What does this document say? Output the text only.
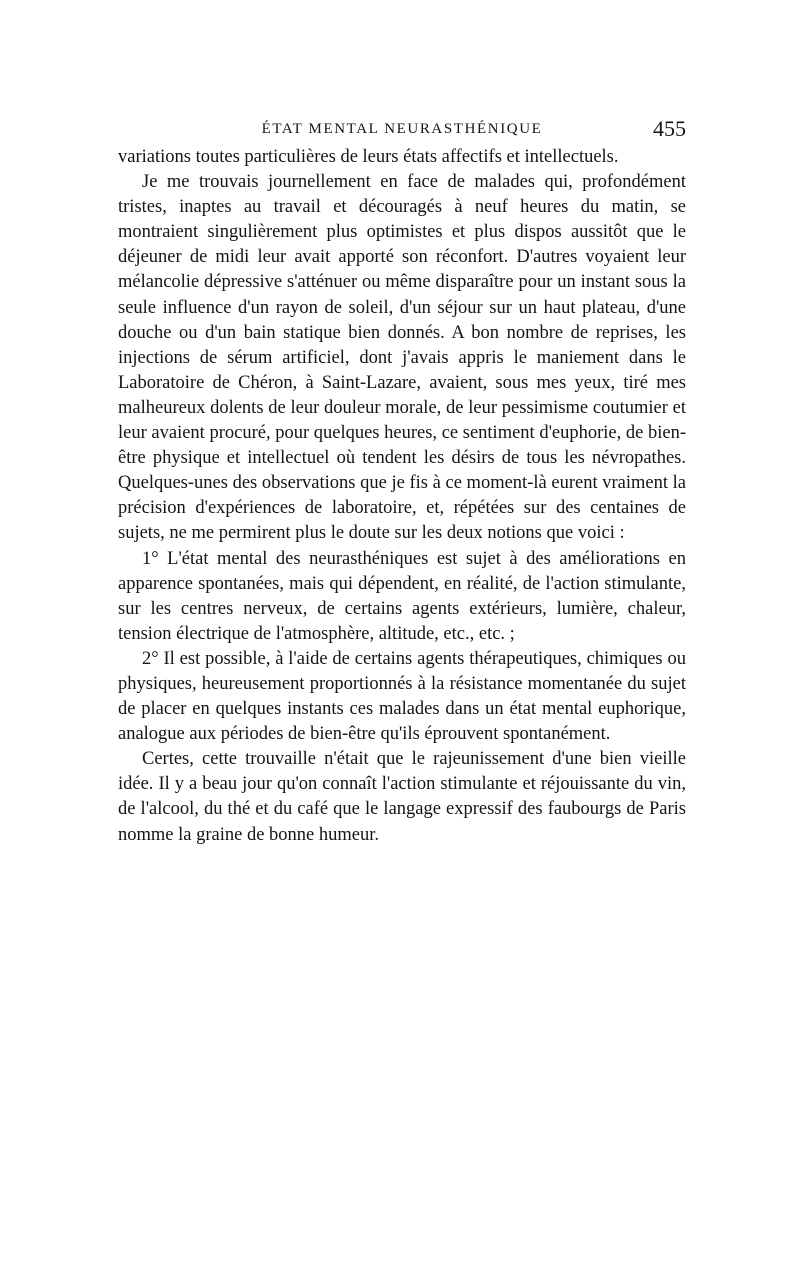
ÉTAT MENTAL NEURASTHÉNIQUE	455

variations toutes particulières de leurs états affectifs et intellectuels.

Je me trouvais journellement en face de malades qui, profondément tristes, inaptes au travail et découragés à neuf heures du matin, se montraient singulièrement plus optimistes et plus dispos aussitôt que le déjeuner de midi leur avait apporté son réconfort. D'autres voyaient leur mélancolie dépressive s'atténuer ou même disparaître pour un instant sous la seule influence d'un rayon de soleil, d'un séjour sur un haut plateau, d'une douche ou d'un bain statique bien donnés. A bon nombre de reprises, les injections de sérum artificiel, dont j'avais appris le maniement dans le Laboratoire de Chéron, à Saint-Lazare, avaient, sous mes yeux, tiré mes malheureux dolents de leur douleur morale, de leur pessimisme coutumier et leur avaient procuré, pour quelques heures, ce sentiment d'euphorie, de bien-être physique et intellectuel où tendent les désirs de tous les névropathes. Quelques-unes des observations que je fis à ce moment-là eurent vraiment la précision d'expériences de laboratoire, et, répétées sur des centaines de sujets, ne me permirent plus le doute sur les deux notions que voici :

1° L'état mental des neurasthéniques est sujet à des améliorations en apparence spontanées, mais qui dépendent, en réalité, de l'action stimulante, sur les centres nerveux, de certains agents extérieurs, lumière, chaleur, tension électrique de l'atmosphère, altitude, etc., etc. ;

2° Il est possible, à l'aide de certains agents thérapeutiques, chimiques ou physiques, heureusement proportionnés à la résistance momentanée du sujet de placer en quelques instants ces malades dans un état mental euphorique, analogue aux périodes de bien-être qu'ils éprouvent spontanément.

Certes, cette trouvaille n'était que le rajeunissement d'une bien vieille idée. Il y a beau jour qu'on connaît l'action stimulante et réjouissante du vin, de l'alcool, du thé et du café que le langage expressif des faubourgs de Paris nomme la graine de bonne humeur.
